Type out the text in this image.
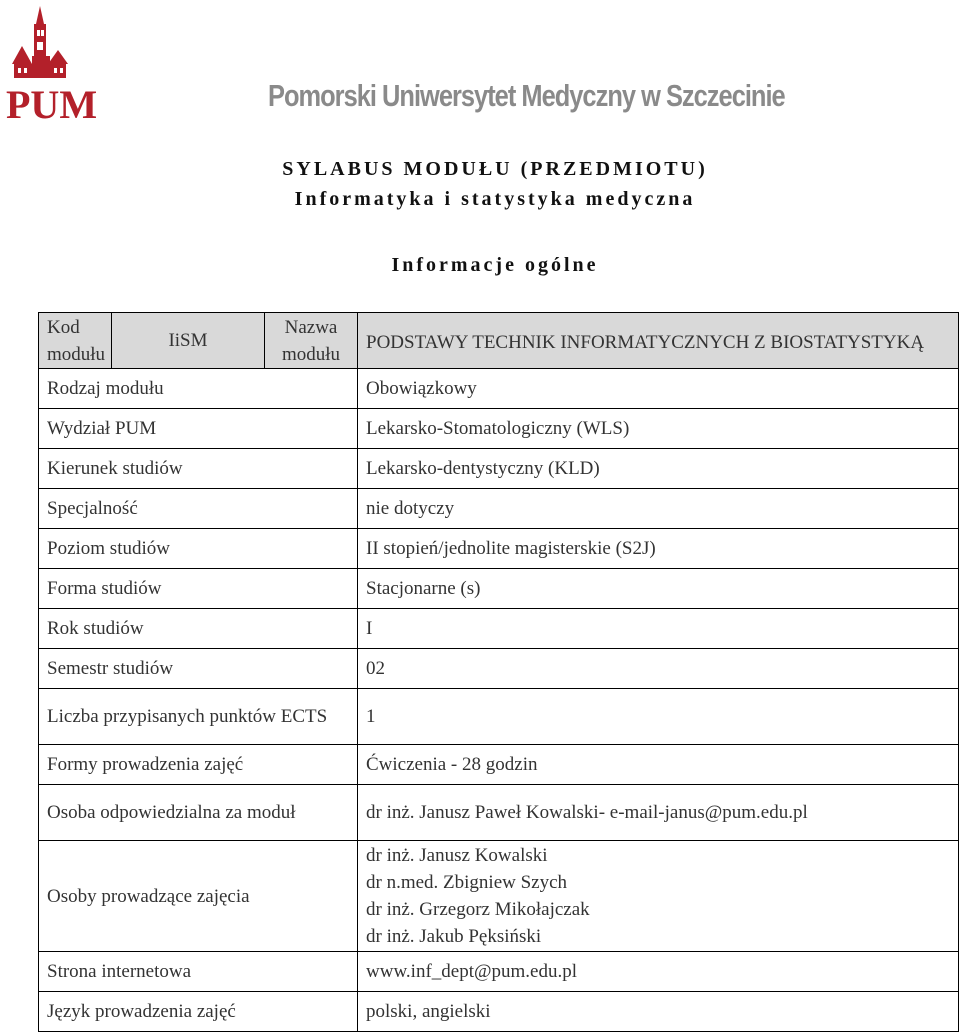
PUM	Pomorski Uniwersytet Medyczny w Szczecinie
SYLABUS MODUŁU (PRZEDMIOTU)
Informatyka i statystyka medyczna
Informacje ogólne
Kod modułu	IiSM	Nazwa modułu	PODSTAWY TECHNIK INFORMATYCZNYCH Z BIOSTATYSTYKĄ
Rodzaj modułu			Obowiązkowy
Wydział PUM			Lekarsko-Stomatologiczny (WLS)
Kierunek studiów			Lekarsko-dentystyczny (KLD)
Specjalność			nie dotyczy
Poziom studiów			II stopień/jednolite magisterskie (S2J)
Forma studiów			Stacjonarne (s)
Rok studiów			I
Semestr studiów			02
Liczba przypisanych punktów ECTS			1
Formy prowadzenia zajęć			Ćwiczenia - 28 godzin
Osoba odpowiedzialna za moduł			dr inż. Janusz Paweł Kowalski- e-mail-janus@pum.edu.pl
Osoby prowadzące zajęcia			dr inż. Janusz Kowalski
dr n.med. Zbigniew Szych
dr inż. Grzegorz Mikołajczak
dr inż. Jakub Pęksiński

Strona internetowa			www.inf_dept@pum.edu.pl
Język prowadzenia zajęć			polski, angielski
